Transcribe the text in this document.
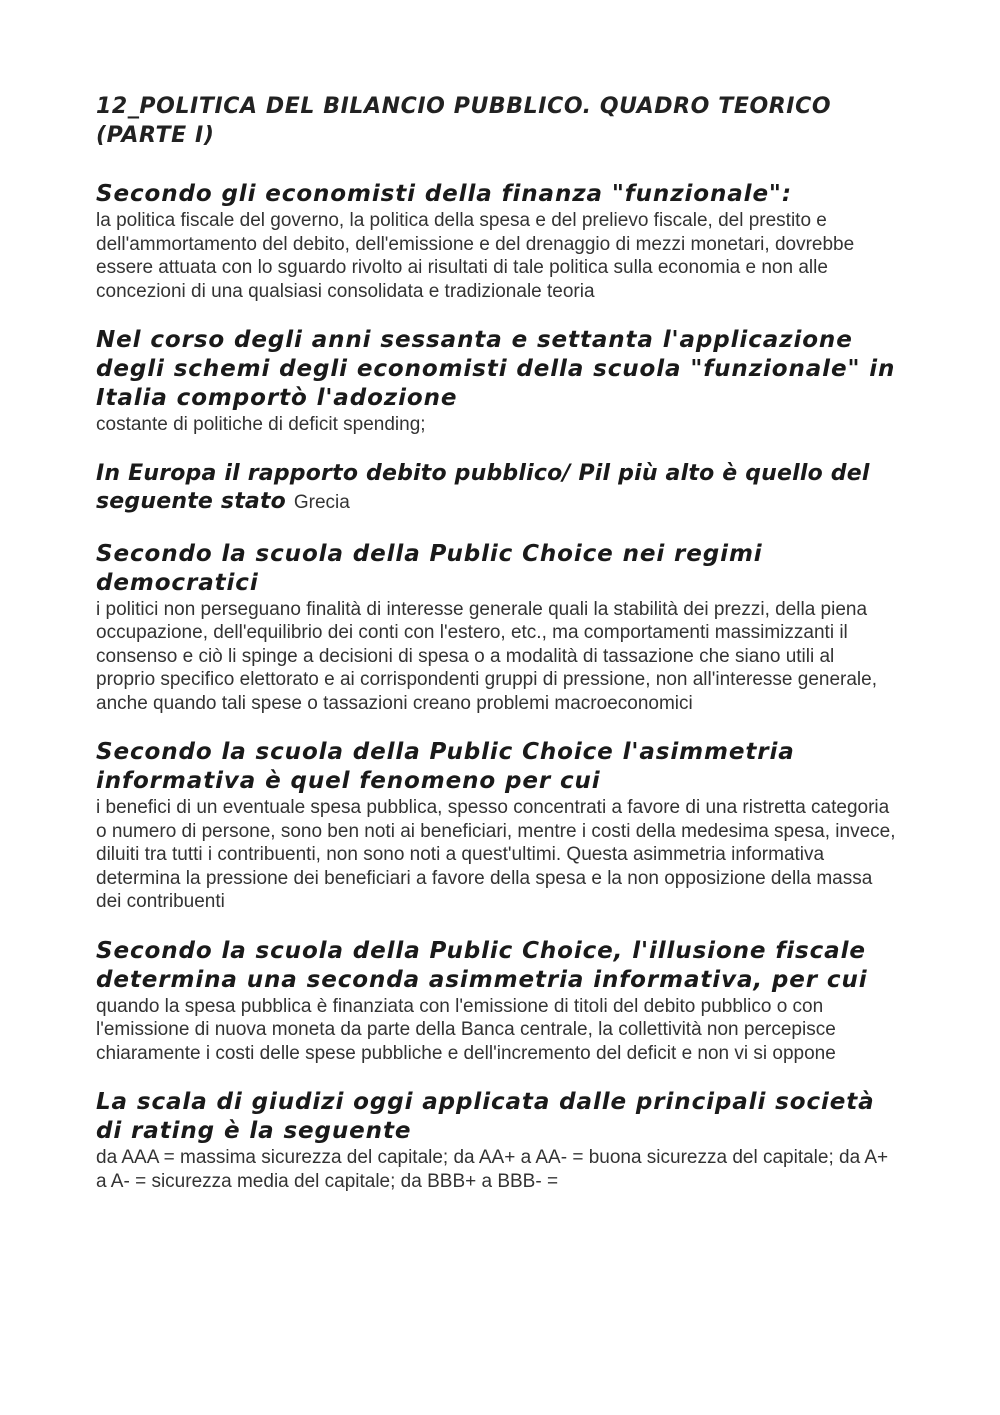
12_POLITICA DEL BILANCIO PUBBLICO. QUADRO TEORICO (PARTE I)

Secondo gli economisti della finanza "funzionale":

la politica fiscale del governo, la politica della spesa e del prelievo fiscale, del prestito e dell'ammortamento del debito, dell'emissione e del drenaggio di mezzi monetari, dovrebbe essere attuata con lo sguardo rivolto ai risultati di tale politica sulla economia e non alle concezioni di una qualsiasi consolidata e tradizionale teoria

Nel corso degli anni sessanta e settanta l'applicazione degli schemi degli economisti della scuola "funzionale" in Italia comportò l'adozione

costante di politiche di deficit spending;

In Europa il rapporto debito pubblico/ Pil più alto è quello del seguente stato Grecia

Secondo la scuola della Public Choice nei regimi democratici

i politici non perseguano finalità di interesse generale quali la stabilità dei prezzi, della piena occupazione, dell'equilibrio dei conti con l'estero, etc., ma comportamenti massimizzanti il consenso e ciò li spinge a decisioni di spesa o a modalità di tassazione che siano utili al proprio specifico elettorato e ai corrispondenti gruppi di pressione, non all'interesse generale, anche quando tali spese o tassazioni creano problemi macroeconomici

Secondo la scuola della Public Choice l'asimmetria informativa è quel fenomeno per cui

i benefici di un eventuale spesa pubblica, spesso concentrati a favore di una ristretta categoria o numero di persone, sono ben noti ai beneficiari, mentre i costi della medesima spesa, invece, diluiti tra tutti i contribuenti, non sono noti a quest'ultimi. Questa asimmetria informativa determina la pressione dei beneficiari a favore della spesa e la non opposizione della massa dei contribuenti

Secondo la scuola della Public Choice, l'illusione fiscale determina una seconda asimmetria informativa, per cui

quando la spesa pubblica è finanziata con l'emissione di titoli del debito pubblico o con l'emissione di nuova moneta da parte della Banca centrale, la collettività non percepisce chiaramente i costi delle spese pubbliche e dell'incremento del deficit e non vi si oppone

La scala di giudizi oggi applicata dalle principali società di rating è la seguente

da AAA = massima sicurezza del capitale; da AA+ a AA- = buona sicurezza del capitale; da A+ a A- = sicurezza media del capitale; da BBB+ a BBB- =
